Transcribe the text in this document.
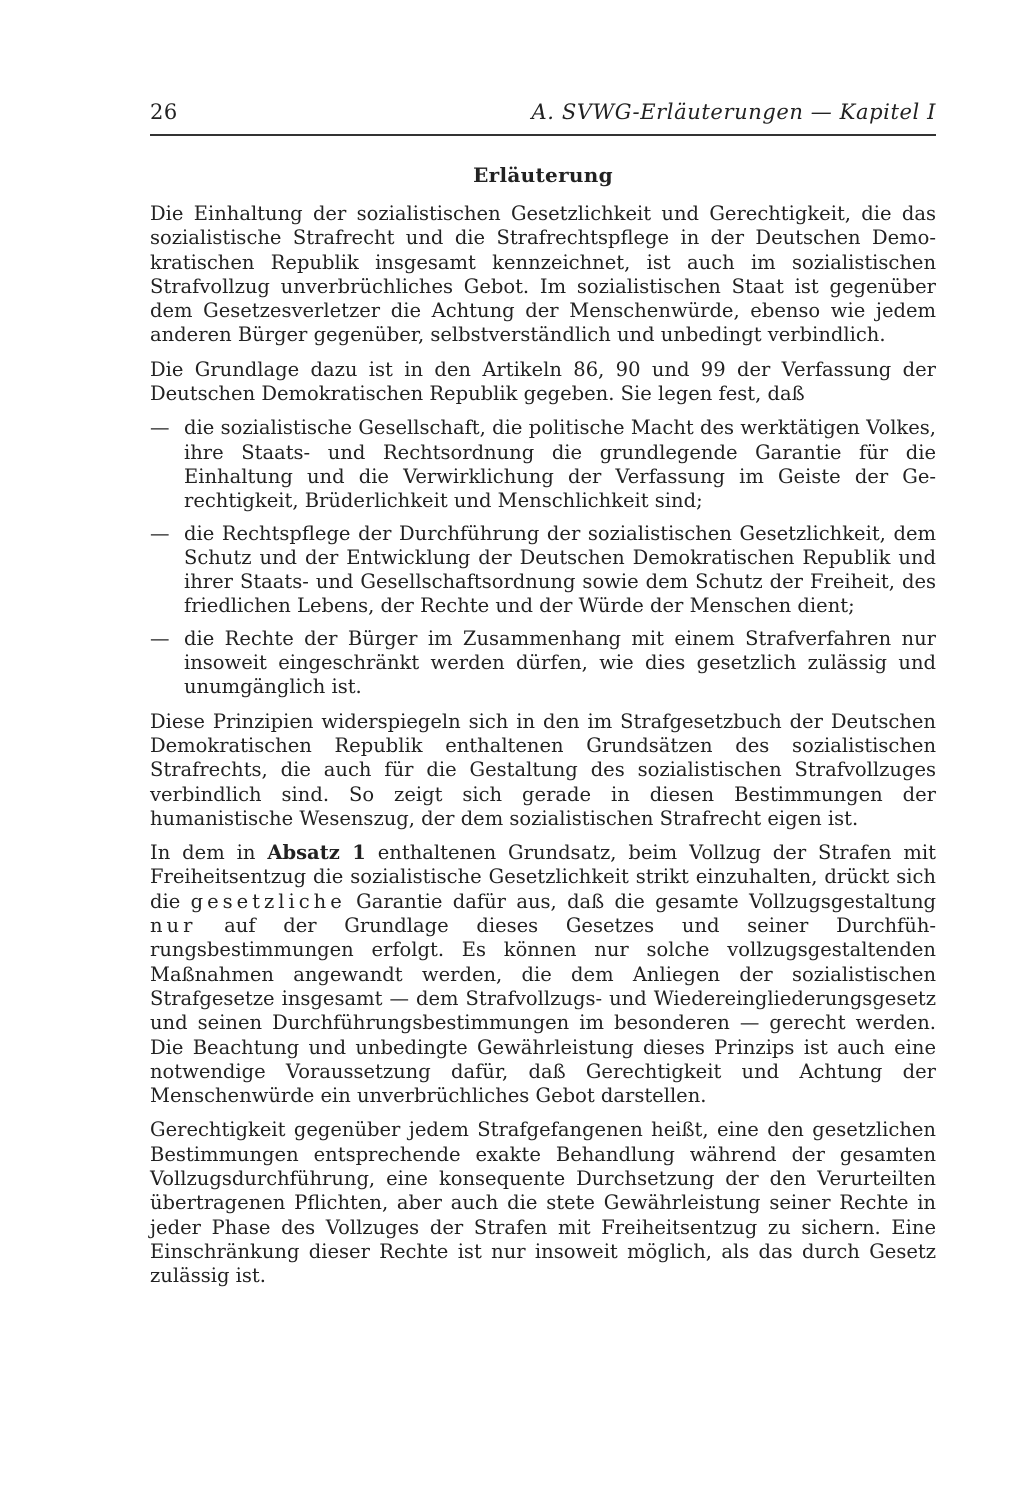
26	A. SVWG-Erläuterungen — Kapitel I
Erläuterung

Die Einhaltung der sozialistischen Gesetzlichkeit und Gerechtigkeit, die das sozialistische Strafrecht und die Strafrechtspflege in der Deutschen Demokratischen Republik insgesamt kennzeichnet, ist auch im sozialistischen Strafvollzug unverbrüchliches Gebot. Im sozialistischen Staat ist gegenüber dem Gesetzesverletzer die Achtung der Menschenwürde, ebenso wie jedem anderen Bürger gegenüber, selbstverständlich und unbedingt verbindlich.

Die Grundlage dazu ist in den Artikeln 86, 90 und 99 der Verfassung der Deutschen Demokratischen Republik gegeben. Sie legen fest, daß

— die sozialistische Gesellschaft, die politische Macht des werktätigen Volkes, ihre Staats- und Rechtsordnung die grundlegende Garantie für die Einhaltung und die Verwirklichung der Verfassung im Geiste der Gerechtigkeit, Brüderlichkeit und Menschlichkeit sind;
— die Rechtspflege der Durchführung der sozialistischen Gesetzlichkeit, dem Schutz und der Entwicklung der Deutschen Demokratischen Republik und ihrer Staats- und Gesellschaftsordnung sowie dem Schutz der Freiheit, des friedlichen Lebens, der Rechte und der Würde der Menschen dient;
— die Rechte der Bürger im Zusammenhang mit einem Strafverfahren nur insoweit eingeschränkt werden dürfen, wie dies gesetzlich zulässig und unumgänglich ist.

Diese Prinzipien widerspiegeln sich in den im Strafgesetzbuch der Deutschen Demokratischen Republik enthaltenen Grundsätzen des sozialistischen Strafrechts, die auch für die Gestaltung des sozialistischen Strafvollzuges verbindlich sind. So zeigt sich gerade in diesen Bestimmungen der humanistische Wesenszug, der dem sozialistischen Strafrecht eigen ist.

In dem in Absatz 1 enthaltenen Grundsatz, beim Vollzug der Strafen mit Freiheitsentzug die sozialistische Gesetzlichkeit strikt einzuhalten, drückt sich die gesetzliche Garantie dafür aus, daß die gesamte Vollzugsgestaltung nur auf der Grundlage dieses Gesetzes und seiner Durchführungsbestimmungen erfolgt. Es können nur solche vollzugsgestaltenden Maßnahmen angewandt werden, die dem Anliegen der sozialistischen Strafgesetze insgesamt — dem Strafvollzugs- und Wiedereingliederungsgesetz und seinen Durchführungsbestimmungen im besonderen — gerecht werden. Die Beachtung und unbedingte Gewährleistung dieses Prinzips ist auch eine notwendige Voraussetzung dafür, daß Gerechtigkeit und Achtung der Menschenwürde ein unverbrüchliches Gebot darstellen.

Gerechtigkeit gegenüber jedem Strafgefangenen heißt, eine den gesetzlichen Bestimmungen entsprechende exakte Behandlung während der gesamten Vollzugsdurchführung, eine konsequente Durchsetzung der den Verurteilten übertragenen Pflichten, aber auch die stete Gewährleistung seiner Rechte in jeder Phase des Vollzuges der Strafen mit Freiheitsentzug zu sichern. Eine Einschränkung dieser Rechte ist nur insoweit möglich, als das durch Gesetz zulässig ist.
